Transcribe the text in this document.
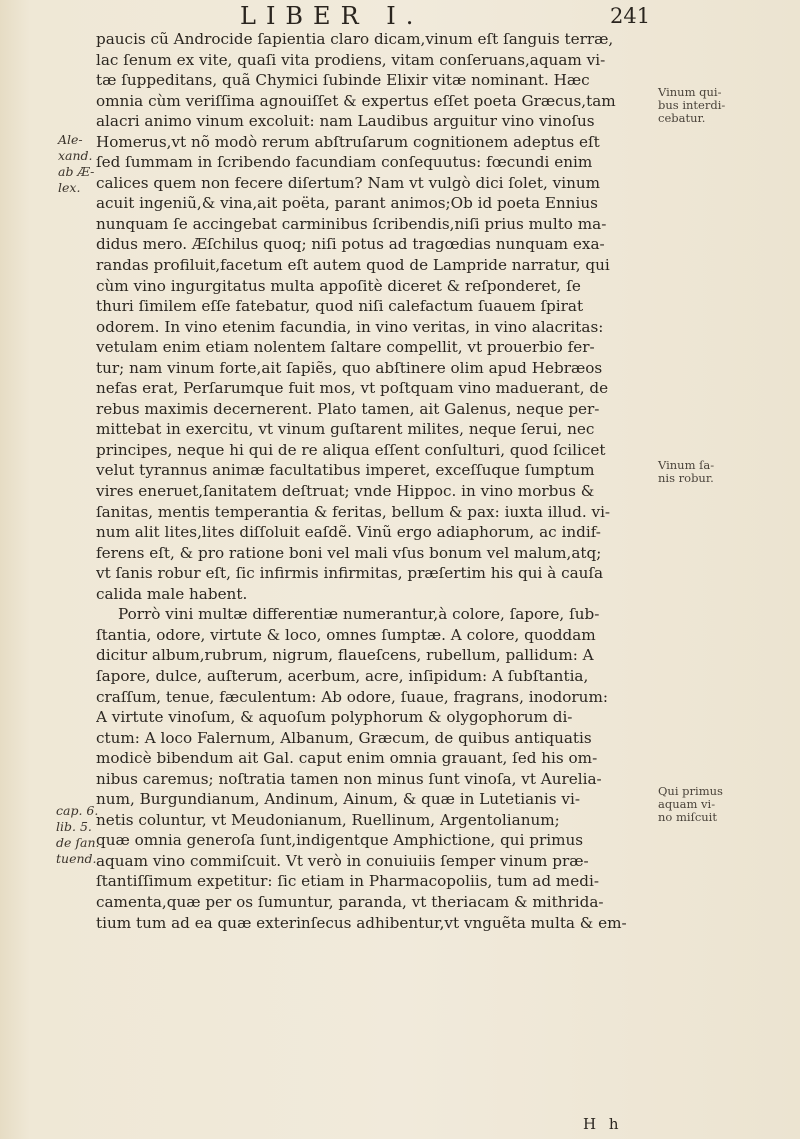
LIBER I.	241
paucis cũ Androcide ſapientia claro dicam,vinum eſt ſanguis terræ,
lac ſenum ex vite, quaſi vita prodiens, vitam conſeruans,aquam vi-
tæ ſuppeditans, quã Chymici ſubinde Elixir vitæ nominant. Hæc
omnia cùm veriſſima agnouiſſet & expertus eſſet poeta Græcus,tam
alacri animo vinum excoluit: nam Laudibus arguitur vino vinoſus
Homerus,vt nõ modò rerum abſtruſarum cognitionem adeptus eſt
ſed ſummam in ſcribendo facundiam conſequutus: fœcundi enim
calices quem non fecere diſertum? Nam vt vulgò dici ſolet, vinum
acuit ingeniũ,& vina,ait poëta, parant animos;Ob id poeta Ennius
nunquam ſe accingebat carminibus ſcribendis,niſi prius multo ma-
didus mero. Æſchilus quoq; niſi potus ad tragœdias nunquam exa-
randas profiluit,facetum eſt autem quod de Lampride narratur, qui
cùm vino ingurgitatus multa appoſitè diceret & reſponderet, ſe
thuri ſimilem eſſe fatebatur, quod niſi calefactum ſuauem ſpirat
odorem. In vino etenim facundia, in vino veritas, in vino alacritas:
vetulam enim etiam nolentem ſaltare compellit, vt prouerbio fer-
tur; nam vinum forte,ait ſapiẽs, quo abſtinere olim apud Hebræos
nefas erat, Perſarumque fuit mos, vt poſtquam vino maduerant, de
rebus maximis decernerent. Plato tamen, ait Galenus, neque per-
mittebat in exercitu, vt vinum guſtarent milites, neque ſerui, nec
principes, neque hi qui de re aliqua eſſent conſulturi, quod ſcilicet
velut tyrannus animæ facultatibus imperet, exceſſuque ſumptum
vires eneruet,ſanitatem deſtruat; vnde Hippoc. in vino morbus &
ſanitas, mentis temperantia & feritas, bellum & pax: iuxta illud. vi-
num alit lites,lites diſſoluit eaſdẽ. Vinũ ergo adiaphorum, ac indif-
ferens eſt, & pro ratione boni vel mali vſus bonum vel malum,atq;
vt ſanis robur eſt, ſic infirmis infirmitas, præſertim his qui à cauſa
calida male habent.
Porrò vini multæ differentiæ numerantur,à colore, ſapore, ſub-
ſtantia, odore, virtute & loco, omnes ſumptæ. A colore, quoddam
dicitur album,rubrum, nigrum, flaueſcens, rubellum, pallidum: A
ſapore, dulce, auſterum, acerbum, acre, inſipidum: A ſubſtantia,
craſſum, tenue, fæculentum: Ab odore, ſuaue, fragrans, inodorum:
A virtute vinoſum, & aquoſum polyphorum & olygophorum di-
ctum: A loco Falernum, Albanum, Græcum, de quibus antiquatis
modicè bibendum ait Gal. caput enim omnia grauant, ſed his om-
nibus caremus; noſtratia tamen non minus ſunt vinoſa, vt Aurelia-
num, Burgundianum, Andinum, Ainum, & quæ in Lutetianis vi-
netis coluntur, vt Meudonianum, Ruellinum, Argentolianum;
quæ omnia generoſa ſunt,indigentque Amphictione, qui primus
aquam vino commiſcuit. Vt verò in conuiuiis ſemper vinum præ-
ſtantiſſimum expetitur: ſic etiam in Pharmacopoliis, tum ad medi-
camenta,quæ per os ſumuntur, paranda, vt theriacam & mithrida-
tium tum ad ea quæ exterinſecus adhibentur,vt vnguẽta multa & em-
Ale-
xand.
ab Æ-
lex.
cap. 6.
lib. 5.
de ſan.
tuend.
Vinum qui-
bus interdi-
cebatur.
Vinum ſa-
nis robur.
Qui primus
aquam vi-
no miſcuit
H h
